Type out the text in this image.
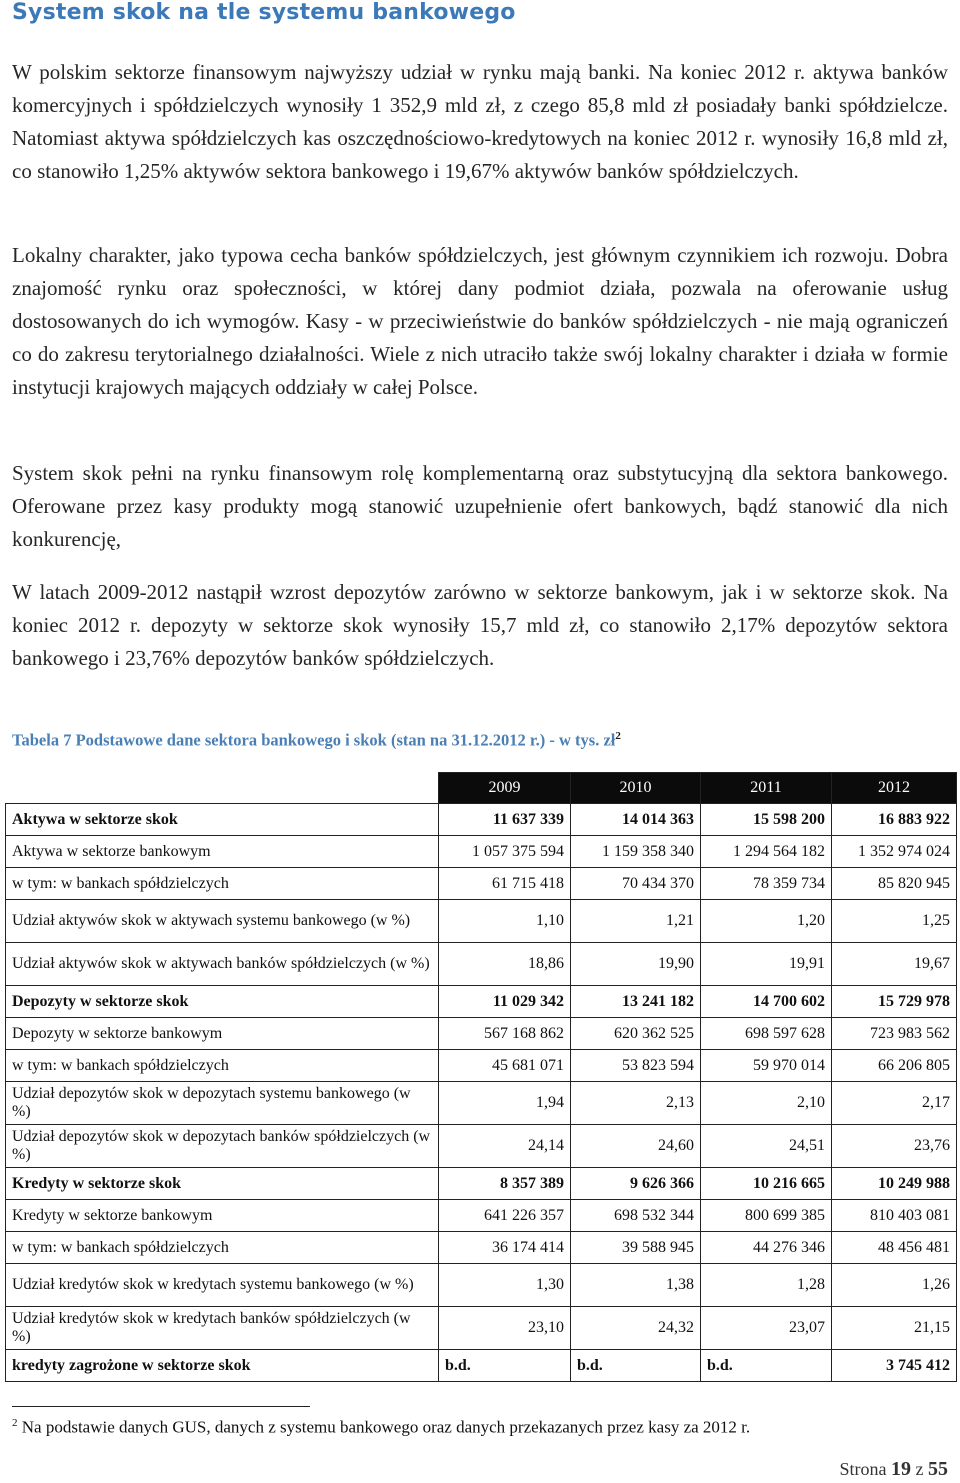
System skok na tle systemu bankowego

W polskim sektorze finansowym najwyższy udział w rynku mają banki. Na koniec 2012 r. aktywa banków komercyjnych i spółdzielczych wynosiły 1 352,9 mld zł, z czego 85,8 mld zł posiadały banki spółdzielcze. Natomiast aktywa spółdzielczych kas oszczędnościowo-kredytowych na koniec 2012 r. wynosiły 16,8 mld zł, co stanowiło 1,25% aktywów sektora bankowego i 19,67% aktywów banków spółdzielczych.

Lokalny charakter, jako typowa cecha banków spółdzielczych, jest głównym czynnikiem ich rozwoju. Dobra znajomość rynku oraz społeczności, w której dany podmiot działa, pozwala na oferowanie usług dostosowanych do ich wymogów. Kasy - w przeciwieństwie do banków spółdzielczych - nie mają ograniczeń co do zakresu terytorialnego działalności. Wiele z nich utraciło także swój lokalny charakter i działa w formie instytucji krajowych mających oddziały w całej Polsce.

System skok pełni na rynku finansowym rolę komplementarną oraz substytucyjną dla sektora bankowego. Oferowane przez kasy produkty mogą stanowić uzupełnienie ofert bankowych, bądź stanowić dla nich konkurencję,

W latach 2009-2012 nastąpił wzrost depozytów zarówno w sektorze bankowym, jak i w sektorze skok. Na koniec 2012 r. depozyty w sektorze skok wynosiły 15,7 mld zł, co stanowiło 2,17% depozytów sektora bankowego i 23,76% depozytów banków spółdzielczych.

Tabela 7 Podstawowe dane sektora bankowego i skok (stan na 31.12.2012 r.) - w tys. $zł^2$

	2009	2010	2011	2012
Aktywa w sektorze skok	11 637 339	14 014 363	15 598 200	16 883 922
Aktywa w sektorze bankowym	1 057 375 594	1 159 358 340	1 294 564 182	1 352 974 024
w tym: w bankach spółdzielczych	61 715 418	70 434 370	78 359 734	85 820 945
Udział aktywów skok w aktywach systemu bankowego (w %)	1,10	1,21	1,20	1,25
Udział aktywów skok w aktywach banków spółdzielczych (w %)	18,86	19,90	19,91	19,67
Depozyty w sektorze skok	11 029 342	13 241 182	14 700 602	15 729 978
Depozyty w sektorze bankowym	567 168 862	620 362 525	698 597 628	723 983 562
w tym: w bankach spółdzielczych	45 681 071	53 823 594	59 970 014	66 206 805
Udział depozytów skok w depozytach systemu bankowego (w %)	1,94	2,13	2,10	2,17
Udział depozytów skok w depozytach banków spółdzielczych (w %)	24,14	24,60	24,51	23,76
Kredyty w sektorze skok	8 357 389	9 626 366	10 216 665	10 249 988
Kredyty w sektorze bankowym	641 226 357	698 532 344	800 699 385	810 403 081
w tym: w bankach spółdzielczych	36 174 414	39 588 945	44 276 346	48 456 481
Udział kredytów skok w kredytach systemu bankowego (w %)	1,30	1,38	1,28	1,26
Udział kredytów skok w kredytach banków spółdzielczych (w %)	23,10	24,32	23,07	21,15
kredyty zagrożone w sektorze skok	b.d.	b.d.	b.d.	3 745 412

$^2$ Na podstawie danych GUS, danych z systemu bankowego oraz danych przekazanych przez kasy za 2012 r.

Strona 19 z 55
